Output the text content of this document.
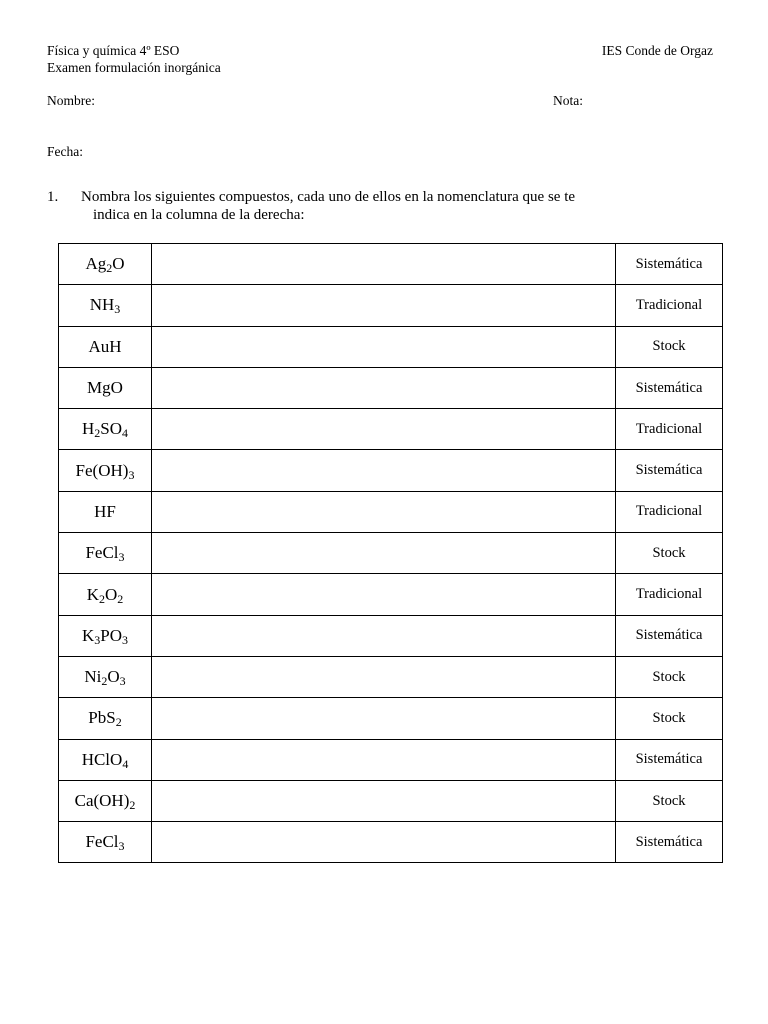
Física y química 4º ESO	IES Conde de Orgaz
Examen formulación inorgánica
Nombre:	Nota:
Fecha:
1. Nombra los siguientes compuestos, cada uno de ellos en la nomenclatura que se te
indica en la columna de la derecha:
$Ag_2O$		Sistemática
$NH_3$		Tradicional
AuH		Stock
MgO		Sistemática
$H_2SO_4$		Tradicional
$Fe(OH)_3$		Sistemática
HF		Tradicional
FeCl$_3$		Stock
$K_2O_2$		Tradicional
$K_3PO_3$		Sistemática
$Ni_2O_3$		Stock
PbS$_2$		Stock
HClO$_4$		Sistemática
$Ca(OH)_2$		Stock
FeCl$_3$		Sistemática
